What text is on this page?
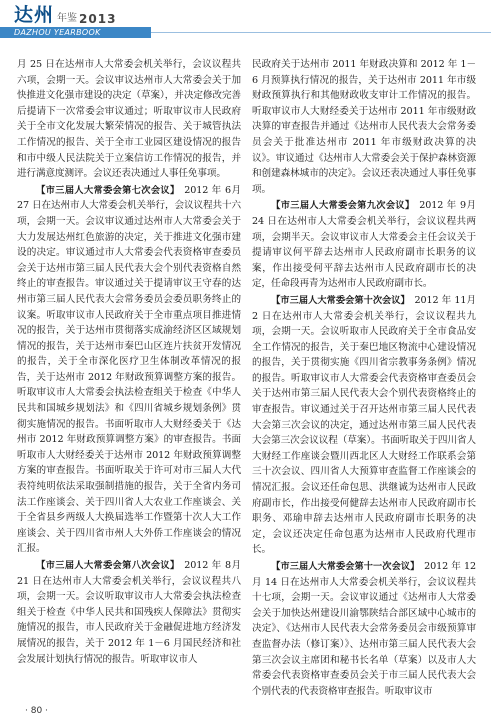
达州 年鉴 2013
DAZHOU YEARBOOK

月 25 日在达州市人大常委会机关举行，会议议程共六项，会期一天。会议审议达州市人大常委会关于加快推进文化强市建设的决定（草案），并决定修改完善后提请下一次常委会审议通过；听取审议市人民政府关于全市文化发展大繁荣情况的报告、关于城管执法工作情况的报告、关于全市工业园区建设情况的报告和市中级人民法院关于立案信访工作情况的报告，并进行满意度测评。会议还表决通过人事任免事项。

【市三届人大常委会第七次会议】  2012 年 6月 27 日在达州市人大常委会机关举行，会议议程共十六项，会期一天。会议审议通过达州市人大常委会关于大力发展达州红色旅游的决定，关于推进文化强市建设的决定。审议通过市人大常委会代表资格审查委员会关于达州市第三届人民代表大会个别代表资格自然终止的审查报告。审议通过关于提请审议王守春的达州市第三届人民代表大会常务委员会委员职务终止的议案。听取审议市人民政府关于全市重点项目推进情况的报告，关于达州市贯彻落实成渝经济区区域规划情况的报告，关于达州市秦巴山区连片扶贫开发情况的报告，关于全市深化医疗卫生体制改革情况的报告，关于达州市 2012 年财政预算调整方案的报告。听取审议市人大常委会执法检查组关于检查《中华人民共和国城乡规划法》和《四川省城乡规划条例》贯彻实施情况的报告。书面听取市人大财经委关于《达州市 2012 年财政预算调整方案》的审查报告。书面听取市人大财经委关于达州市 2012 年财政预算调整方案的审查报告。书面听取关于许可对市三届人大代表符纯明依法采取强制措施的报告，关于全省内务司法工作座谈会、关于四川省人大农业工作座谈会、关于全省县乡两级人大换届选举工作暨第十次人大工作座谈会、关于四川省市州人大外侨工作座谈会的情况汇报。

【市三届人大常委会第八次会议】  2012 年 8月 21 日在达州市人大常委会机关举行，会议议程共八项，会期一天。会议听取审议市人大常委会执法检查组关于检查《中华人民共和国残疾人保障法》贯彻实施情况的报告，市人民政府关于金融促进地方经济发展情况的报告，关于 2012 年 1－6 月国民经济和社会发展计划执行情况的报告。听取审议市人

民政府关于达州市 2011 年财政决算和 2012 年 1－6 月预算执行情况的报告，关于达州市 2011 年市级财政预算执行和其他财政收支审计工作情况的报告。听取审议市人大财经委关于达州市 2011 年市级财政决算的审查报告并通过《达州市人民代表大会常务委员会关于批准达州市 2011 年市级财政决算的决议》。审议通过《达州市人大常委会关于保护森林资源和创建森林城市的决定》。会议还表决通过人事任免事项。

【市三届人大常委会第九次会议】  2012 年 9月 24 日在达州市人大常委会机关举行，会议议程共两项，会期半天。会议审议市人大常委会主任会议关于提请审议何平辞去达州市人民政府副市长职务的议案，作出接受何平辞去达州市人民政府副市长的决定，任命段再青为达州市人民政府副市长。

【市三届人大常委会第十次会议】  2012 年 11月 2 日在达州市人大常委会机关举行，会议议程共九项，会期一天。会议听取市人民政府关于全市食品安全工作情况的报告，关于秦巴地区物流中心建设情况的报告，关于贯彻实施《四川省宗教事务条例》情况的报告。听取审议市人大常委会代表资格审查委员会关于达州市第三届人民代表大会个别代表资格终止的审查报告。审议通过关于召开达州市第三届人民代表大会第三次会议的决定，通过达州市第三届人民代表大会第三次会议议程（草案）。书面听取关于四川省人大财经工作座谈会暨川西北区人大财经工作联系会第三十次会议、四川省人大预算审查监督工作座谈会的情况汇报。会议还任命包思、洪继诚为达州市人民政府副市长，作出接受何健辞去达州市人民政府副市长职务、邓瑜申辞去达州市人民政府副市长职务的决定，会议还决定任命包惠为达州市人民政府代理市长。

【市三届人大常委会第十一次会议】  2012 年 12月 14 日在达州市人大常委会机关举行，会议议程共十七项，会期一天。会议审议通过《达州市人大常委会关于加快达州建设川渝鄂陕结合部区域中心城市的决定》、《达州市人民代表大会常务委员会市级预算审查监督办法（修订案）》、达州市第三届人民代表大会第三次会议主席团和秘书长名单（草案）以及市人大常委会代表资格审查委员会关于市三届人民代表大会个别代表的代表资格审查报告。听取审议市

· 80 ·
